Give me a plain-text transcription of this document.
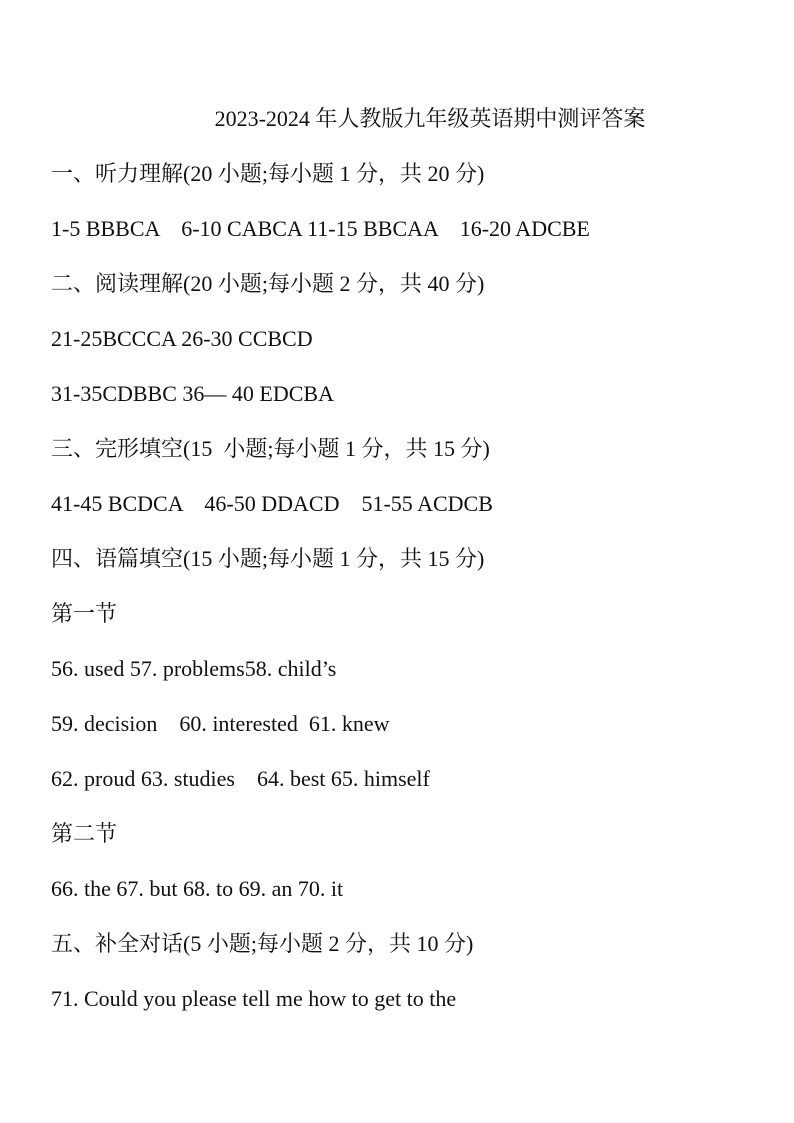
2023-2024 年人教版九年级英语期中测评答案
一、听力理解(20 小题;每小题 1 分，共 20 分)
1-5 BBBCA    6-10 CABCA 11-15 BBCAA    16-20 ADCBE
二、阅读理解(20 小题;每小题 2 分，共 40 分)
21-25BCCCA 26-30 CCBCD
31-35CDBBC 36— 40 EDCBA
三、完形填空(15  小题;每小题 1 分，共 15 分)
41-45 BCDCA    46-50 DDACD    51-55 ACDCB
四、语篇填空(15 小题;每小题 1 分，共 15 分)
第一节
56. used 57. problems58. child’s
59. decision    60. interested  61. knew
62. proud 63. studies    64. best 65. himself
第二节
66. the 67. but 68. to 69. an 70. it
五、补全对话(5 小题;每小题 2 分，共 10 分)
71. Could you please tell me how to get to the
